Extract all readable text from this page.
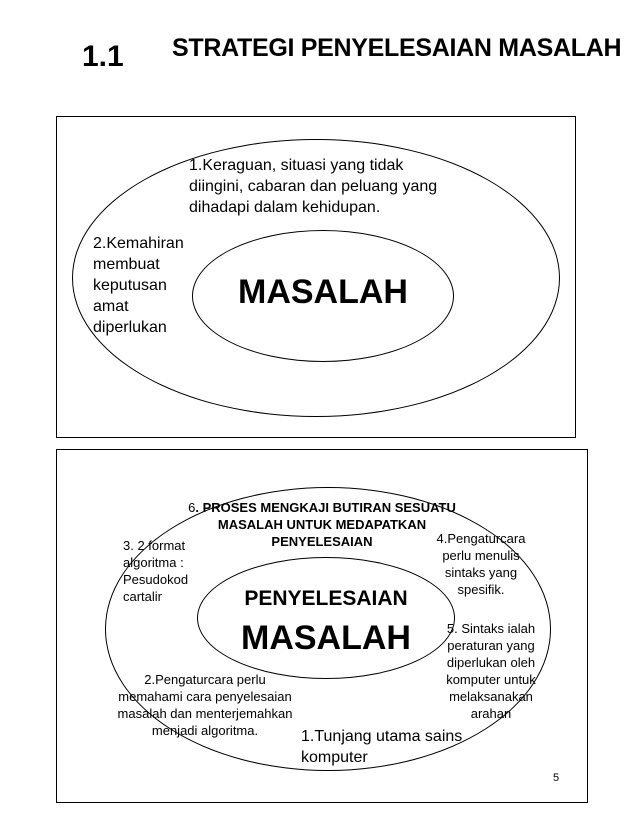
1.1 STRATEGI PENYELESAIAN MASALAH
1.Keraguan, situasi yang tidak diingini, cabaran dan peluang yang dihadapi dalam kehidupan.
2.Kemahiran
membuat
keputusan
amat
diperlukan
MASALAH
6. PROSES MENGKAJI BUTIRAN SESUATU
MASALAH UNTUK MEDAPATKAN
PENYELESAIAN
3. 2 format
algoritma :
Pesudokod
cartalir
4.Pengaturcara
perlu menulis
sintaks yang
spesifik.
5. Sintaks ialah
peraturan yang
diperlukan oleh
komputer untuk
melaksanakan
arahan
2.Pengaturcara perlu
memahami cara penyelesaian
masalah dan menterjemahkan
menjadi algoritma.	1.Tunjang utama sains
komputer
PENYELESAIAN
MASALAH
5
